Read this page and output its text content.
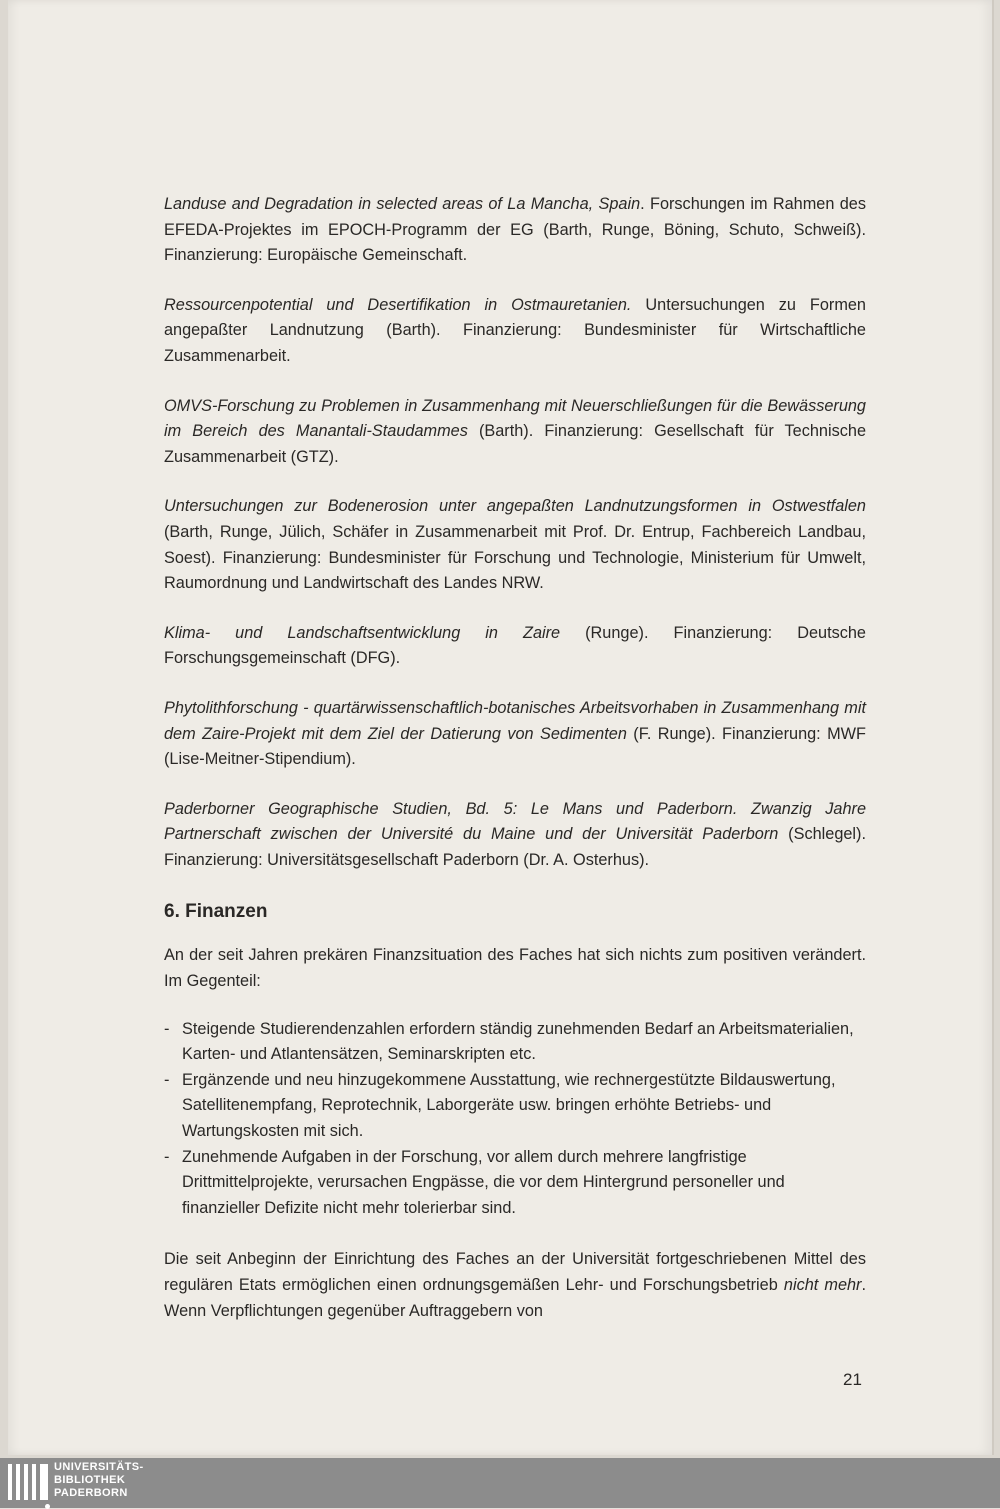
Landuse and Degradation in selected areas of La Mancha, Spain. Forschungen im Rahmen des EFEDA-Projektes im EPOCH-Programm der EG (Barth, Runge, Böning, Schuto, Schweiß). Finanzierung: Europäische Gemeinschaft.

Ressourcenpotential und Desertifikation in Ostmauretanien. Untersuchungen zu Formen angepaßter Landnutzung (Barth). Finanzierung: Bundesminister für Wirtschaftliche Zusammenarbeit.

OMVS-Forschung zu Problemen in Zusammenhang mit Neuerschließungen für die Bewässerung im Bereich des Manantali-Staudammes (Barth). Finanzierung: Gesellschaft für Technische Zusammenarbeit (GTZ).

Untersuchungen zur Bodenerosion unter angepaßten Landnutzungsformen in Ostwestfalen (Barth, Runge, Jülich, Schäfer in Zusammenarbeit mit Prof. Dr. Entrup, Fachbereich Landbau, Soest). Finanzierung: Bundesminister für Forschung und Technologie, Ministerium für Umwelt, Raumordnung und Landwirtschaft des Landes NRW.

Klima- und Landschaftsentwicklung in Zaire (Runge). Finanzierung: Deutsche Forschungsgemeinschaft (DFG).

Phytolithforschung - quartärwissenschaftlich-botanisches Arbeitsvorhaben in Zusammenhang mit dem Zaire-Projekt mit dem Ziel der Datierung von Sedimenten (F. Runge). Finanzierung: MWF (Lise-Meitner-Stipendium).

Paderborner Geographische Studien, Bd. 5: Le Mans und Paderborn. Zwanzig Jahre Partnerschaft zwischen der Université du Maine und der Universität Paderborn (Schlegel). Finanzierung: Universitätsgesellschaft Paderborn (Dr. A. Osterhus).

6. Finanzen

An der seit Jahren prekären Finanzsituation des Faches hat sich nichts zum positiven verändert. Im Gegenteil:

- Steigende Studierendenzahlen erfordern ständig zunehmenden Bedarf an Arbeitsmaterialien, Karten- und Atlantensätzen, Seminarskripten etc.
- Ergänzende und neu hinzugekommene Ausstattung, wie rechnergestützte Bildauswertung, Satellitenempfang, Reprotechnik, Laborgeräte usw. bringen erhöhte Betriebs- und Wartungskosten mit sich.
- Zunehmende Aufgaben in der Forschung, vor allem durch mehrere langfristige Drittmittelprojekte, verursachen Engpässe, die vor dem Hintergrund personeller und finanzieller Defizite nicht mehr tolerierbar sind.

Die seit Anbeginn der Einrichtung des Faches an der Universität fortgeschriebenen Mittel des regulären Etats ermöglichen einen ordnungsgemäßen Lehr- und Forschungsbetrieb nicht mehr. Wenn Verpflichtungen gegenüber Auftraggebern von

21
UNIVERSITÄTS-
BIBLIOTHEK
PADERBORN
